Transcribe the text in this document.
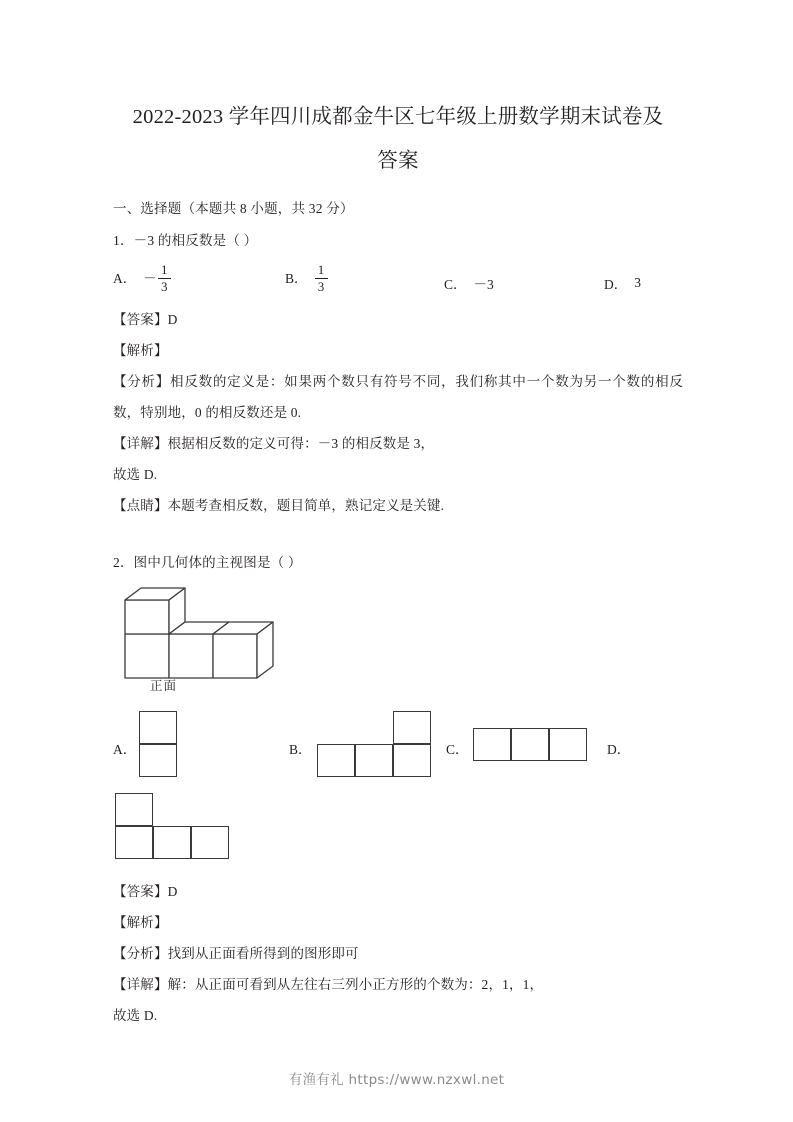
2022-2023 学年四川成都金牛区七年级上册数学期末试卷及
答案
一、选择题（本题共 8 小题，共 32 分）
1．－3 的相反数是（ ）
A． － $\frac{1}{3}$	B． $\frac{1}{3}$	C． －3	D． 3
【答案】D
【解析】
【分析】相反数的定义是：如果两个数只有符号不同，我们称其中一个数为另一个数的相反数，特别地，0 的相反数还是 0.
【详解】根据相反数的定义可得：－3 的相反数是 3，
故选 D.
【点睛】本题考查相反数，题目简单，熟记定义是关键.
2．图中几何体的主视图是（ ）
正面
A．	B．	C．	D．
【答案】D
【解析】
【分析】找到从正面看所得到的图形即可
【详解】解：从正面可看到从左往右三列小正方形的个数为：2，1，1，
故选 D.
有渔有礼 https://www.nzxwl.net
